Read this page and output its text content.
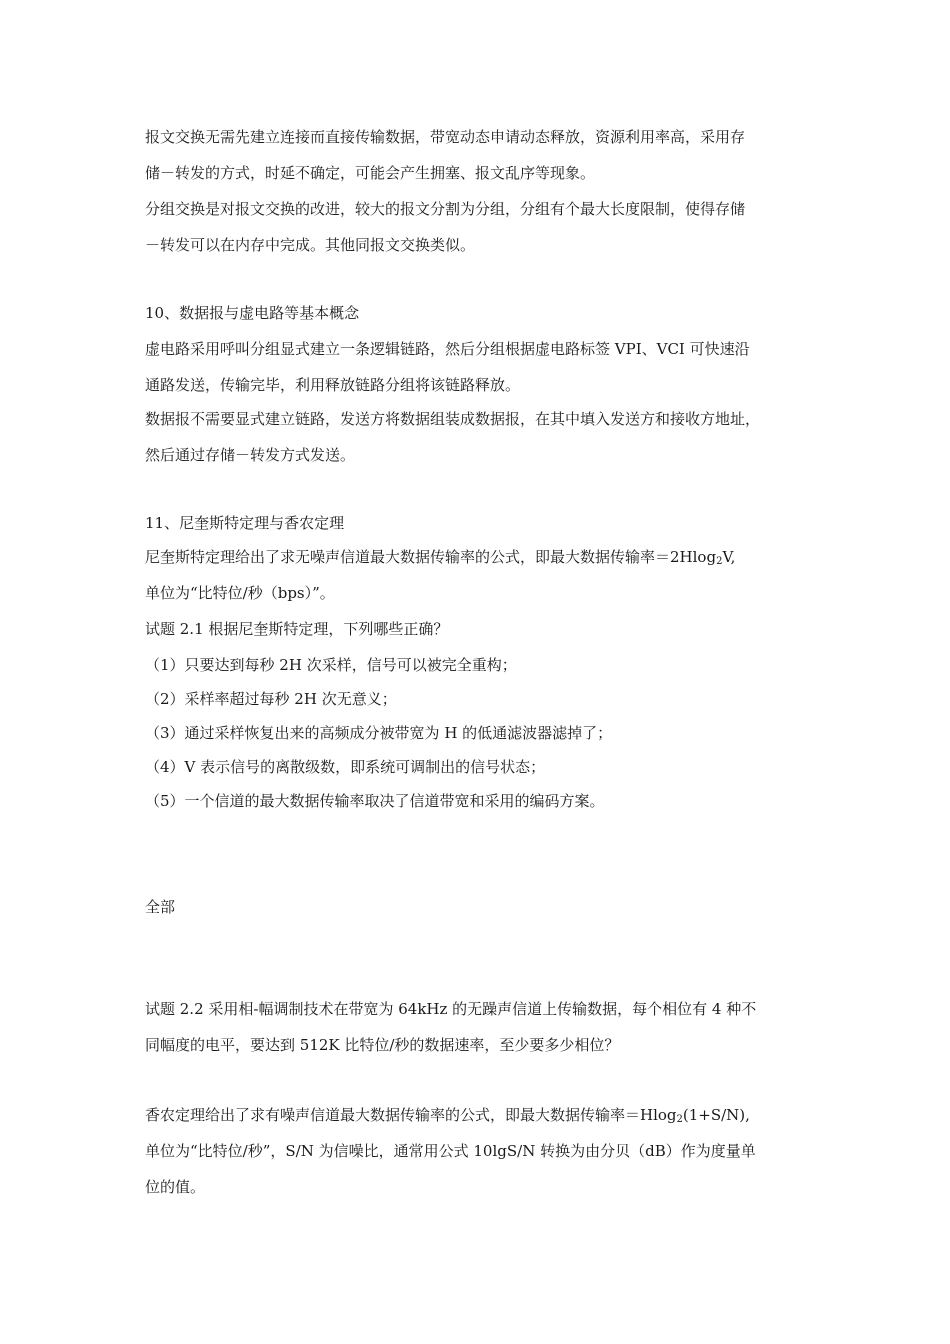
报文交换无需先建立连接而直接传输数据，带宽动态申请动态释放，资源利用率高，采用存
储－转发的方式，时延不确定，可能会产生拥塞、报文乱序等现象。
分组交换是对报文交换的改进，较大的报文分割为分组，分组有个最大长度限制，使得存储
－转发可以在内存中完成。其他同报文交换类似。
10、数据报与虚电路等基本概念
虚电路采用呼叫分组显式建立一条逻辑链路，然后分组根据虚电路标签 VPI、VCI 可快速沿
通路发送，传输完毕，利用释放链路分组将该链路释放。
数据报不需要显式建立链路，发送方将数据组装成数据报，在其中填入发送方和接收方地址，
然后通过存储－转发方式发送。
11、尼奎斯特定理与香农定理
尼奎斯特定理给出了求无噪声信道最大数据传输率的公式，即最大数据传输率＝2Hlog$_2$V,
单位为“比特位/秒（bps）”。
试题 2.1 根据尼奎斯特定理，下列哪些正确？
（1）只要达到每秒 2H 次采样，信号可以被完全重构；
（2）采样率超过每秒 2H 次无意义；
（3）通过采样恢复出来的高频成分被带宽为 H 的低通滤波器滤掉了；
（4）V 表示信号的离散级数，即系统可调制出的信号状态；
（5）一个信道的最大数据传输率取决了信道带宽和采用的编码方案。
全部
试题 2.2 采用相-幅调制技术在带宽为 64kHz 的无躁声信道上传输数据，每个相位有 4 种不
同幅度的电平，要达到 512K 比特位/秒的数据速率，至少要多少相位？
香农定理给出了求有噪声信道最大数据传输率的公式，即最大数据传输率＝Hlog$_2$(1+S/N),
单位为“比特位/秒”，S/N 为信噪比，通常用公式 10lgS/N 转换为由分贝（dB）作为度量单
位的值。
